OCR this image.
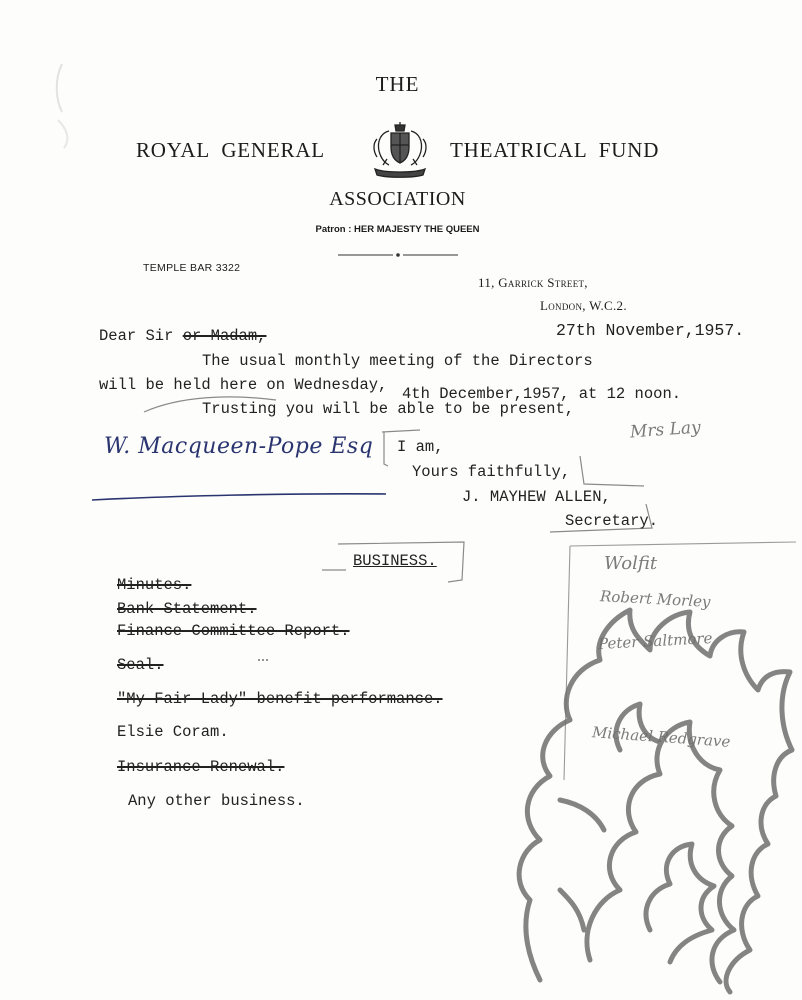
THE
ROYAL  GENERAL	THEATRICAL  FUND
ASSOCIATION
Patron : HER MAJESTY THE QUEEN
TEMPLE BAR 3322
11, Garrick Street,
London, W.C.2.
27th November,1957.
Dear Sir or Madam,
The usual monthly meeting of the Directors
will be held here on Wednesday, 4th December,1957, at 12 noon.
Trusting you will be able to be present,
W. Macqueen-Pope Esq I am,
Yours faithfully,
J. MAYHEW ALLEN,
Secretary.
Mrs Lay
BUSINESS.
Minutes.
Bank Statement.
Finance Committee Report.
Seal.
"My Fair Lady" benefit performance.
Elsie Coram.
Insurance Renewal.
Any other business.
Wolfit
Robert Morley
Peter Saltmore
Michael Redgrave
